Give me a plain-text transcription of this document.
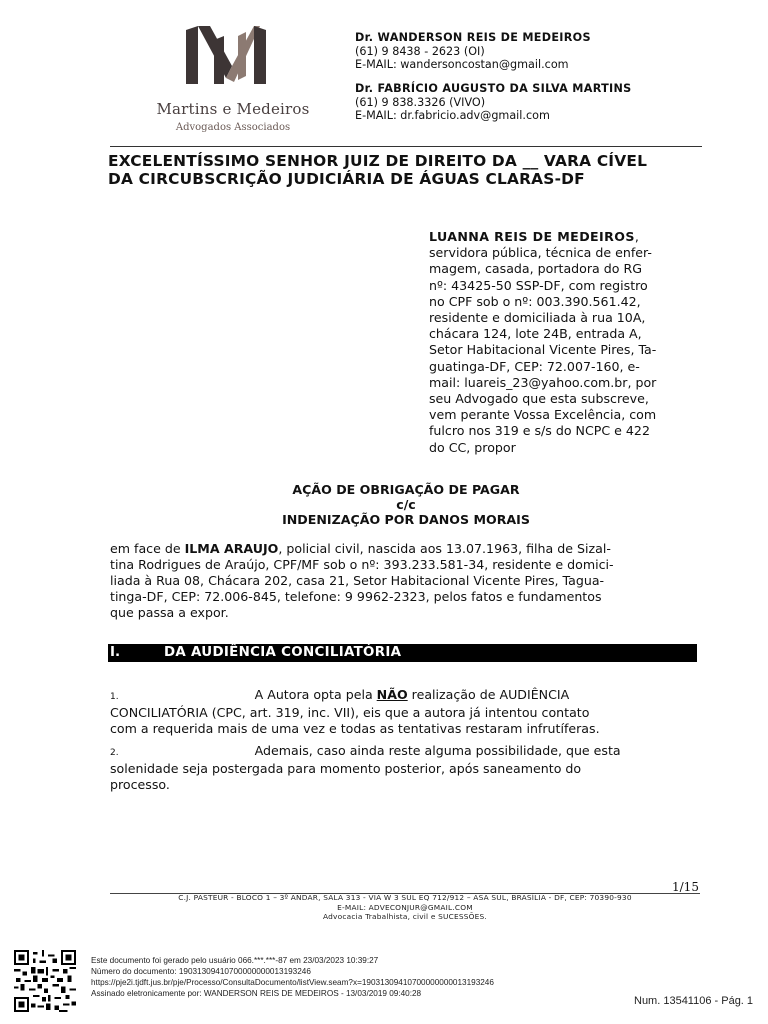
Martins e Medeiros
Advogados Associados
Dr. WANDERSON REIS DE MEDEIROS
(61) 9 8438 - 2623 (OI)
E-MAIL: wandersoncostan@gmail.com
Dr. FABRÍCIO AUGUSTO DA SILVA MARTINS
(61) 9 838.3326 (VIVO)
E-MAIL: dr.fabricio.adv@gmail.com
EXCELENTÍSSIMO SENHOR JUIZ DE DIREITO DA __ VARA CÍVEL
DA CIRCUBSCRIÇÃO JUDICIÁRIA DE ÁGUAS CLARAS-DF
LUANNA REIS DE MEDEIROS,
servidora pública, técnica de enfer-
magem, casada, portadora do RG
nº: 43425-50 SSP-DF, com registro
no CPF sob o nº: 003.390.561.42,
residente e domiciliada à rua 10A,
chácara 124, lote 24B, entrada A,
Setor Habitacional Vicente Pires, Ta-
guatinga-DF, CEP: 72.007-160, e-
mail: luareis_23@yahoo.com.br, por
seu Advogado que esta subscreve,
vem perante Vossa Excelência, com
fulcro nos 319 e s/s do NCPC e 422
do CC, propor
AÇÃO DE OBRIGAÇÃO DE PAGAR
c/c
INDENIZAÇÃO POR DANOS MORAIS
em face de ILMA ARAUJO, policial civil, nascida aos 13.07.1963, filha de Sizal-
tina Rodrigues de Araújo, CPF/MF sob o nº: 393.233.581-34, residente e domici-
liada à Rua 08, Chácara 202, casa 21, Setor Habitacional Vicente Pires, Tagua-
tinga-DF, CEP: 72.006-845, telefone: 9 9962-2323, pelos fatos e fundamentos
que passa a expor.
I.	DA AUDIÊNCIA CONCILIATÓRIA
1.	A Autora opta pela NÃO realização de AUDIÊNCIA
CONCILIATÓRIA (CPC, art. 319, inc. VII), eis que a autora já intentou contato
com a requerida mais de uma vez e todas as tentativas restaram infrutíferas.
2.	Ademais, caso ainda reste alguma possibilidade, que esta
solenidade seja postergada para momento posterior, após saneamento do
processo.
1/15
C.J. PASTEUR - BLOCO 1 – 3º ANDAR, SALA 313 - VIA W 3 SUL EQ 712/912 – ASA SUL, BRASÍLIA - DF, CEP: 70390-930
E-MAIL: ADVECONJUR@GMAIL.COM
Advocacia Trabalhista, civil e SUCESSÕES.
Este documento foi gerado pelo usuário 066.***.***-87 em 23/03/2023 10:39:27
Número do documento: 19031309410700000000013193246
https://pje2i.tjdft.jus.br/pje/Processo/ConsultaDocumento/listView.seam?x=19031309410700000000013193246
Assinado eletronicamente por: WANDERSON REIS DE MEDEIROS - 13/03/2019 09:40:28
Num. 13541106 - Pág. 1
